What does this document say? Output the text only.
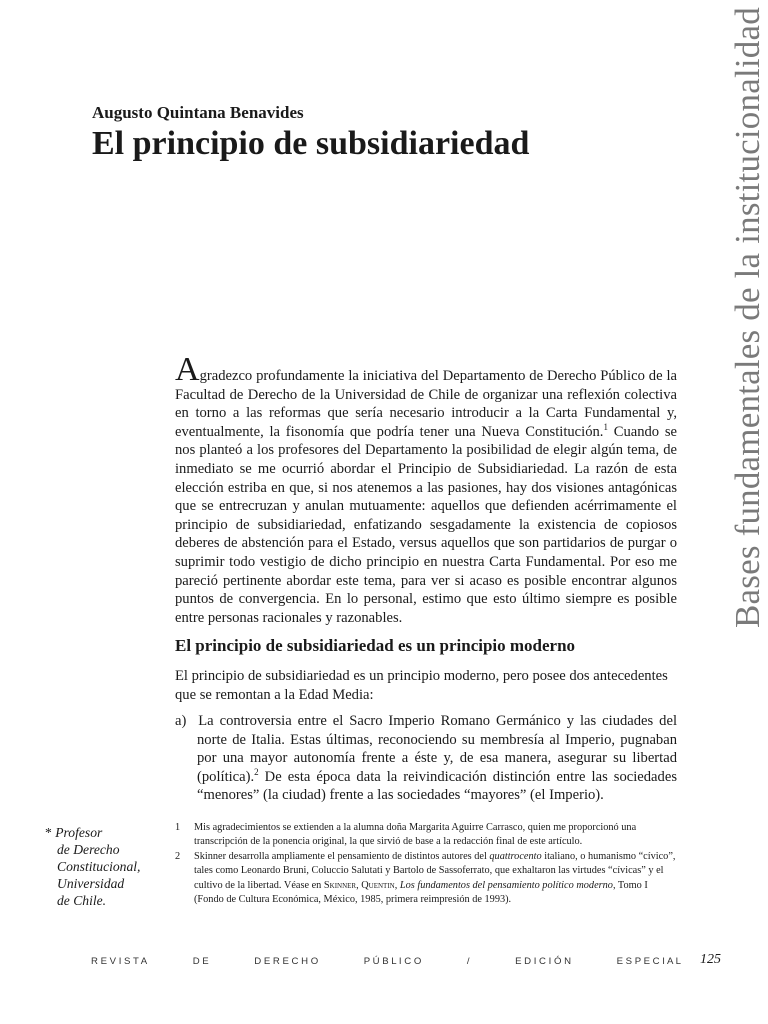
Bases fundamentales de la institucionalidad
Augusto Quintana Benavides
El principio de subsidiariedad

Agradezco profundamente la iniciativa del Departamento de Derecho Público de la Facultad de Derecho de la Universidad de Chile de organizar una reflexión colectiva en torno a las reformas que sería necesario introducir a la Carta Fundamental y, eventualmente, la fisonomía que podría tener una Nueva Constitución.$^1$ Cuando se nos planteó a los profesores del Departamento la posibilidad de elegir algún tema, de inmediato se me ocurrió abordar el Principio de Subsidiariedad. La razón de esta elección estriba en que, si nos atenemos a las pasiones, hay dos visiones antagónicas que se entrecruzan y anulan mutuamente: aquellos que defienden acérrimamente el principio de subsidiariedad, enfatizando sesgadamente la existencia de copiosos deberes de abstención para el Estado, versus aquellos que son partidarios de purgar o suprimir todo vestigio de dicho principio en nuestra Carta Fundamental. Por eso me pareció pertinente abordar este tema, para ver si acaso es posible encontrar algunos puntos de convergencia. En lo personal, estimo que esto último siempre es posible entre personas racionales y razonables.

El principio de subsidiariedad es un principio moderno

El principio de subsidiariedad es un principio moderno, pero posee dos antecedentes que se remontan a la Edad Media:

a) La controversia entre el Sacro Imperio Romano Germánico y las ciudades del norte de Italia. Estas últimas, reconociendo su membresía al Imperio, pugnaban por una mayor autonomía frente a éste y, de esa manera, asegurar su libertad (política).$^2$ De esta época data la reivindicación distinción entre las sociedades “menores” (la ciudad) frente a las sociedades “mayores” (el Imperio).

* Profesor
de Derecho
Constitucional,
Universidad
de Chile.

1	Mis agradecimientos se extienden a la alumna doña Margarita Aguirre Carrasco, quien me proporcionó una transcripción de la ponencia original, la que sirvió de base a la redacción final de este artículo.

2	Skinner desarrolla ampliamente el pensamiento de distintos autores del quattrocento italiano, o humanismo “cívico”, tales como Leonardo Bruni, Coluccio Salutati y Bartolo de Sassoferrato, que exhaltaron las virtudes “cívicas” y el cultivo de la libertad. Véase en Skinner, Quentin, Los fundamentos del pensamiento político moderno, Tomo I (Fondo de Cultura Económica, México, 1985, primera reimpresión de 1993).

R E V I S T A	D E	D E R E C H O	P Ú B L I C O	/	E D I C I Ó N	E S P E C I A L 125
